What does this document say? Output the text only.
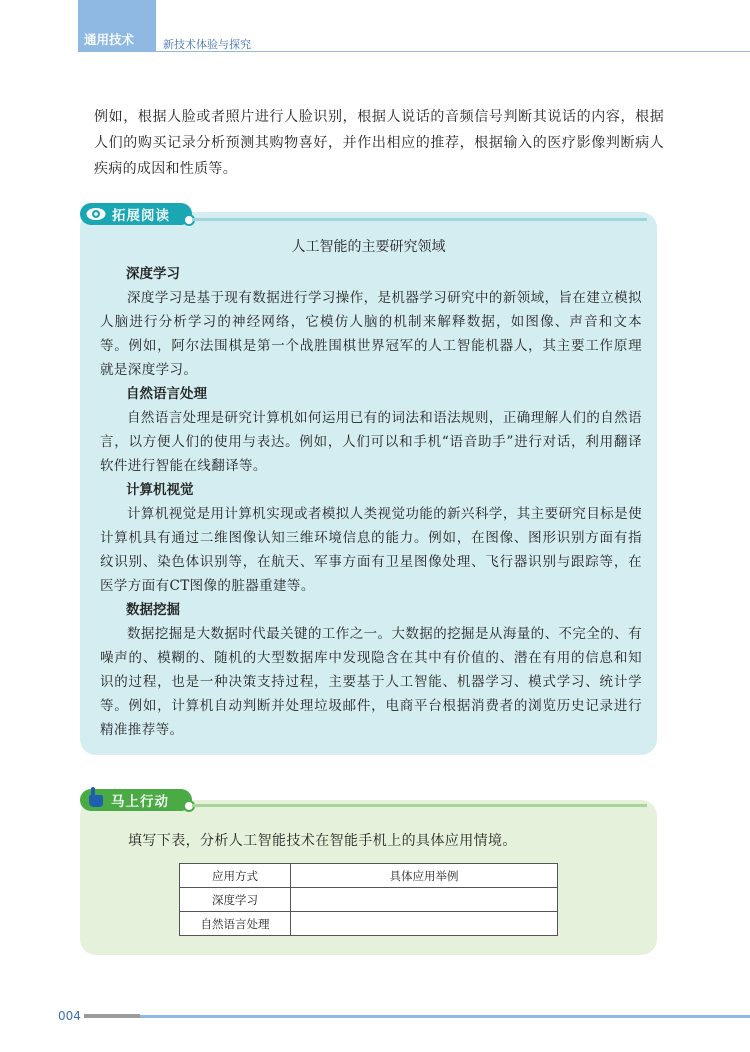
通用技术	新技术体验与探究
例如，根据人脸或者照片进行人脸识别，根据人说话的音频信号判断其说话的内容，根据人们的购买记录分析预测其购物喜好，并作出相应的推荐，根据输入的医疗影像判断病人疾病的成因和性质等。
拓展阅读
人工智能的主要研究领域
深度学习

深度学习是基于现有数据进行学习操作，是机器学习研究中的新领域，旨在建立模拟人脑进行分析学习的神经网络，它模仿人脑的机制来解释数据，如图像、声音和文本等。例如，阿尔法围棋是第一个战胜围棋世界冠军的人工智能机器人，其主要工作原理就是深度学习。

自然语言处理

自然语言处理是研究计算机如何运用已有的词法和语法规则，正确理解人们的自然语言，以方便人们的使用与表达。例如，人们可以和手机“语音助手”进行对话，利用翻译软件进行智能在线翻译等。

计算机视觉

计算机视觉是用计算机实现或者模拟人类视觉功能的新兴科学，其主要研究目标是使计算机具有通过二维图像认知三维环境信息的能力。例如，在图像、图形识别方面有指纹识别、染色体识别等，在航天、军事方面有卫星图像处理、飞行器识别与跟踪等，在医学方面有CT图像的脏器重建等。

数据挖掘

数据挖掘是大数据时代最关键的工作之一。大数据的挖掘是从海量的、不完全的、有噪声的、模糊的、随机的大型数据库中发现隐含在其中有价值的、潜在有用的信息和知识的过程，也是一种决策支持过程，主要基于人工智能、机器学习、模式学习、统计学等。例如，计算机自动判断并处理垃圾邮件，电商平台根据消费者的浏览历史记录进行精准推荐等。

马上行动
填写下表，分析人工智能技术在智能手机上的具体应用情境。
应用方式	具体应用举例
深度学习	
自然语言处理	
004
